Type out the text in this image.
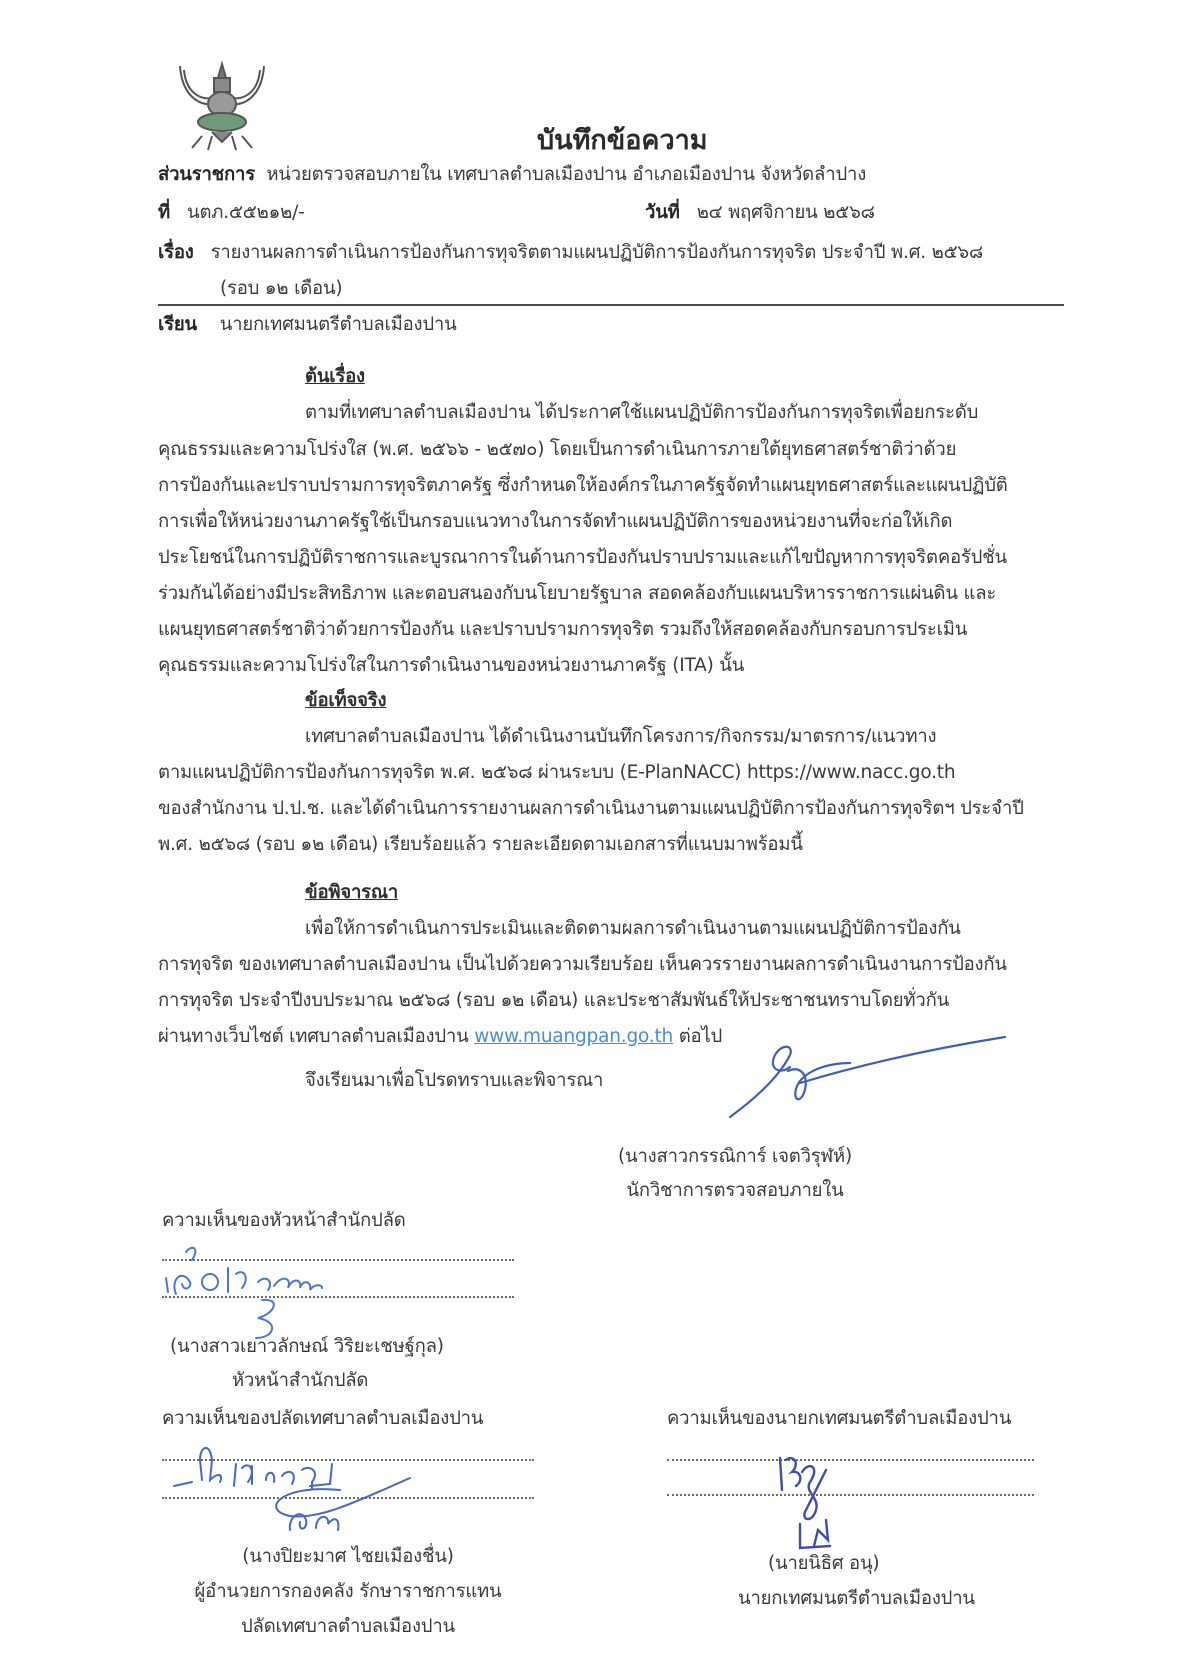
บันทึกข้อความ
ส่วนราชการ หน่วยตรวจสอบภายใน เทศบาลตำบลเมืองปาน อำเภอเมืองปาน จังหวัดลำปาง
ที่ นตภ.๕๕๒๑๒/-	วันที่ ๒๔ พฤศจิกายน ๒๕๖๘
เรื่อง รายงานผลการดำเนินการป้องกันการทุจริตตามแผนปฏิบัติการป้องกันการทุจริต ประจำปี พ.ศ. ๒๕๖๘
(รอบ ๑๒ เดือน)
เรียน นายกเทศมนตรีตำบลเมืองปาน
ต้นเรื่อง
ตามที่เทศบาลตำบลเมืองปาน ได้ประกาศใช้แผนปฏิบัติการป้องกันการทุจริตเพื่อยกระดับ
คุณธรรมและความโปร่งใส (พ.ศ. ๒๕๖๖ - ๒๕๗๐) โดยเป็นการดำเนินการภายใต้ยุทธศาสตร์ชาติว่าด้วย
การป้องกันและปราบปรามการทุจริตภาครัฐ ซึ่งกำหนดให้องค์กรในภาครัฐจัดทำแผนยุทธศาสตร์และแผนปฏิบัติ
การเพื่อให้หน่วยงานภาครัฐใช้เป็นกรอบแนวทางในการจัดทำแผนปฏิบัติการของหน่วยงานที่จะก่อให้เกิด
ประโยชน์ในการปฏิบัติราชการและบูรณาการในด้านการป้องกันปราบปรามและแก้ไขปัญหาการทุจริตคอรัปชั่น
ร่วมกันได้อย่างมีประสิทธิภาพ และตอบสนองกับนโยบายรัฐบาล สอดคล้องกับแผนบริหารราชการแผ่นดิน และ
แผนยุทธศาสตร์ชาติว่าด้วยการป้องกัน และปราบปรามการทุจริต รวมถึงให้สอดคล้องกับกรอบการประเมิน
คุณธรรมและความโปร่งใสในการดำเนินงานของหน่วยงานภาครัฐ (ITA) นั้น
ข้อเท็จจริง
เทศบาลตำบลเมืองปาน ได้ดำเนินงานบันทึกโครงการ/กิจกรรม/มาตรการ/แนวทาง
ตามแผนปฏิบัติการป้องกันการทุจริต พ.ศ. ๒๕๖๘ ผ่านระบบ (E-PlanNACC) https://www.nacc.go.th
ของสำนักงาน ป.ป.ช. และได้ดำเนินการรายงานผลการดำเนินงานตามแผนปฏิบัติการป้องกันการทุจริตฯ ประจำปี
พ.ศ. ๒๕๖๘ (รอบ ๑๒ เดือน) เรียบร้อยแล้ว รายละเอียดตามเอกสารที่แนบมาพร้อมนี้
ข้อพิจารณา
เพื่อให้การดำเนินการประเมินและติดตามผลการดำเนินงานตามแผนปฏิบัติการป้องกัน
การทุจริต ของเทศบาลตำบลเมืองปาน เป็นไปด้วยความเรียบร้อย เห็นควรรายงานผลการดำเนินงานการป้องกัน
การทุจริต ประจำปีงบประมาณ ๒๕๖๘ (รอบ ๑๒ เดือน) และประชาสัมพันธ์ให้ประชาชนทราบโดยทั่วกัน
ผ่านทางเว็บไซต์ เทศบาลตำบลเมืองปาน www.muangpan.go.th ต่อไป
จึงเรียนมาเพื่อโปรดทราบและพิจารณา
(นางสาวกรรณิการ์ เจตวิรุฬห์)
นักวิชาการตรวจสอบภายใน
ความเห็นของหัวหน้าสำนักปลัด
(นางสาวเยาวลักษณ์ วิริยะเชษฐ์กุล)
หัวหน้าสำนักปลัด
ความเห็นของปลัดเทศบาลตำบลเมืองปาน
(นางปิยะมาศ ไชยเมืองชื่น)
ผู้อำนวยการกองคลัง รักษาราชการแทน
ปลัดเทศบาลตำบลเมืองปาน
ความเห็นของนายกเทศมนตรีตำบลเมืองปาน
(นายนิธิศ อนุ)
นายกเทศมนตรีตำบลเมืองปาน
